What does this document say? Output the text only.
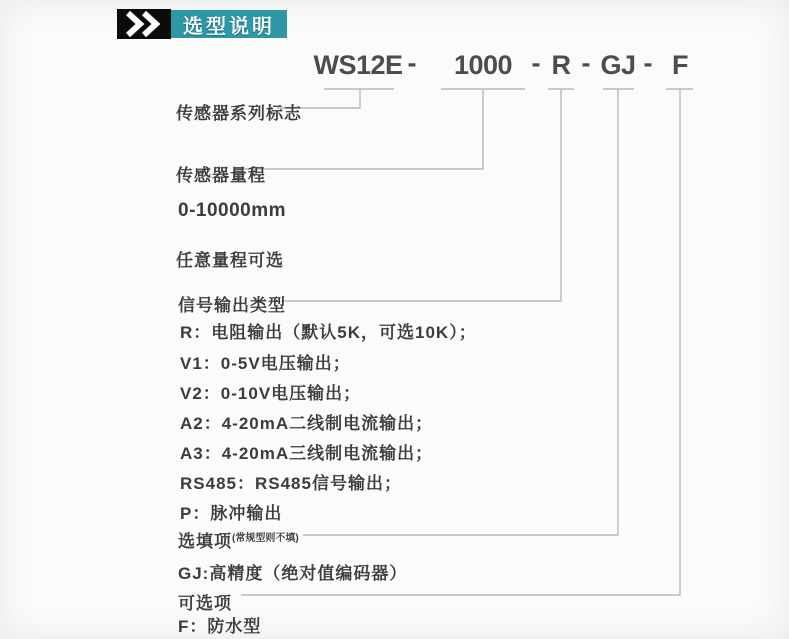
选型说明
WS12E - 1000 - R - GJ - F
传感器系列标志
传感器量程
0-10000mm
任意量程可选
信号输出类型
R：电阻输出（默认5K，可选10K）；
V1：0-5V电压输出；
V2：0-10V电压输出；
A2：4-20mA二线制电流输出；
A3：4-20mA三线制电流输出；
RS485：RS485信号输出；
P：脉冲输出
选填项$^{(常规型则不填)}$
GJ:高精度（绝对值编码器）
可选项
F：防水型
